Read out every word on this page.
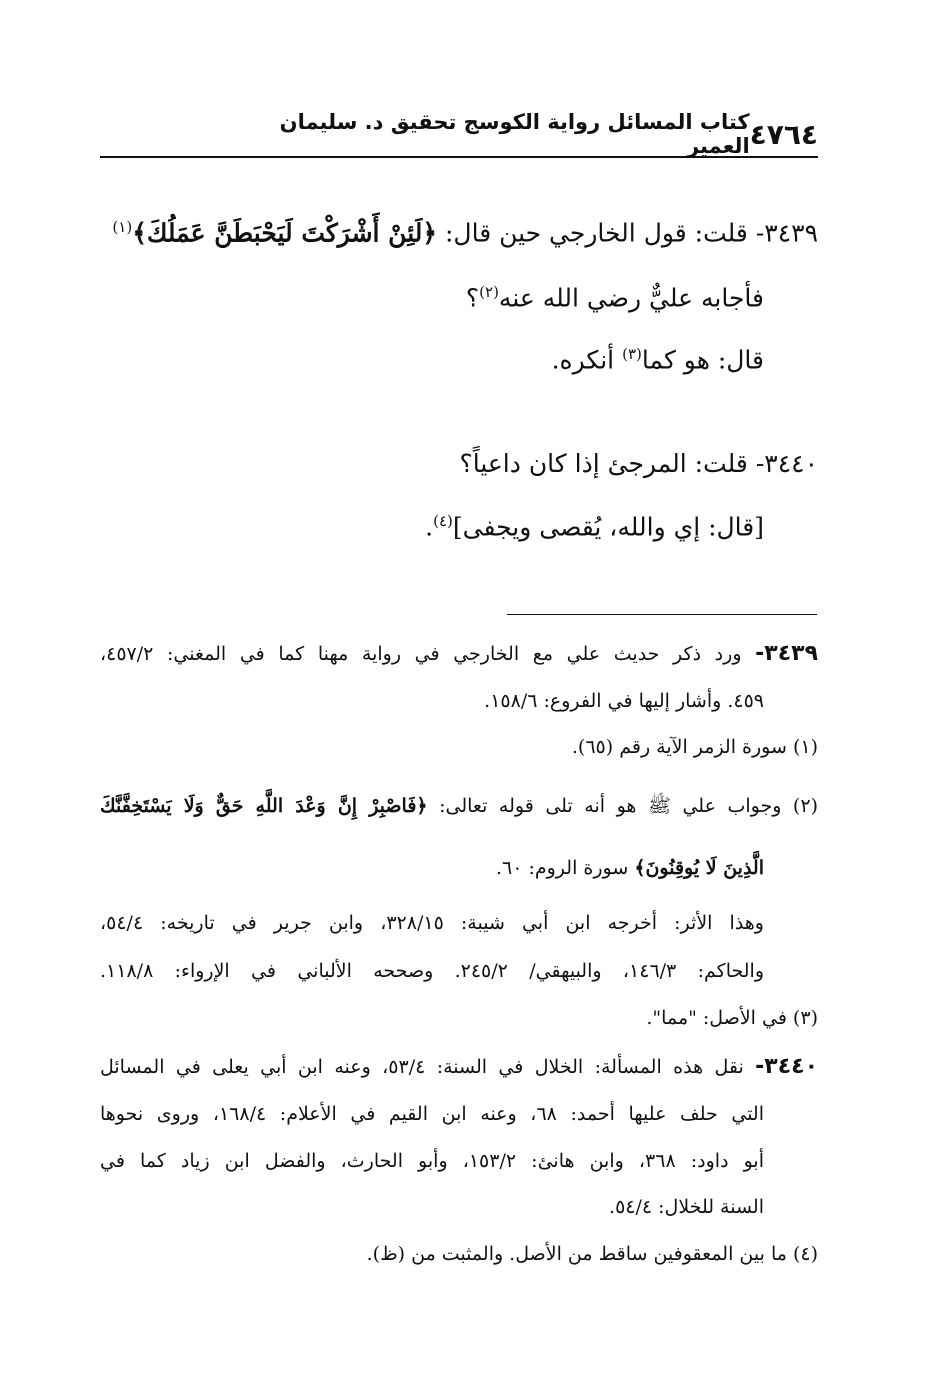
٤٧٦٤
كتاب المسائل رواية الكوسج تحقيق د. سليمان العمير
٣٤٣٩- قلت: قول الخارجي حين قال: ﴿لَئِنْ أَشْرَكْتَ لَيَحْبَطَنَّ عَمَلُكَ﴾$^{(١)}$
فأجابه عليٌّ رضي الله عنه$^{(٢)}$؟
قال: هو كما$^{(٣)}$ أنكره.
٣٤٤٠- قلت: المرجئ إذا كان داعياً؟
[قال: إي والله، يُقصى ويجفى]$^{(٤)}$.
٣٤٣٩- ورد ذكر حديث علي مع الخارجي في رواية مهنا كما في المغني: ٤٥٧/٢،
٤٥٩. وأشار إليها في الفروع: ١٥٨/٦.
(١) سورة الزمر الآية رقم (٦٥).
(٢) وجواب علي ﷺ هو أنه تلى قوله تعالى: ﴿فَاصْبِرْ إِنَّ وَعْدَ اللَّهِ حَقٌّ وَلَا يَسْتَخِفَّنَّكَ
الَّذِينَ لَا يُوقِنُونَ﴾ سورة الروم: ٦٠.
وهذا الأثر: أخرجه ابن أبي شيبة: ٣٢٨/١٥، وابن جرير في تاريخه: ٥٤/٤،
والحاكم: ١٤٦/٣، والبيهقي/ ٢٤٥/٢. وصححه الألباني في الإرواء: ١١٨/٨.
(٣) في الأصل: "مما".
٣٤٤٠- نقل هذه المسألة: الخلال في السنة: ٥٣/٤، وعنه ابن أبي يعلى في المسائل
التي حلف عليها أحمد: ٦٨، وعنه ابن القيم في الأعلام: ١٦٨/٤، وروى نحوها
أبو داود: ٣٦٨، وابن هانئ: ١٥٣/٢، وأبو الحارث، والفضل ابن زياد كما في
السنة للخلال: ٥٤/٤.
(٤) ما بين المعقوفين ساقط من الأصل. والمثبت من (ظ).
